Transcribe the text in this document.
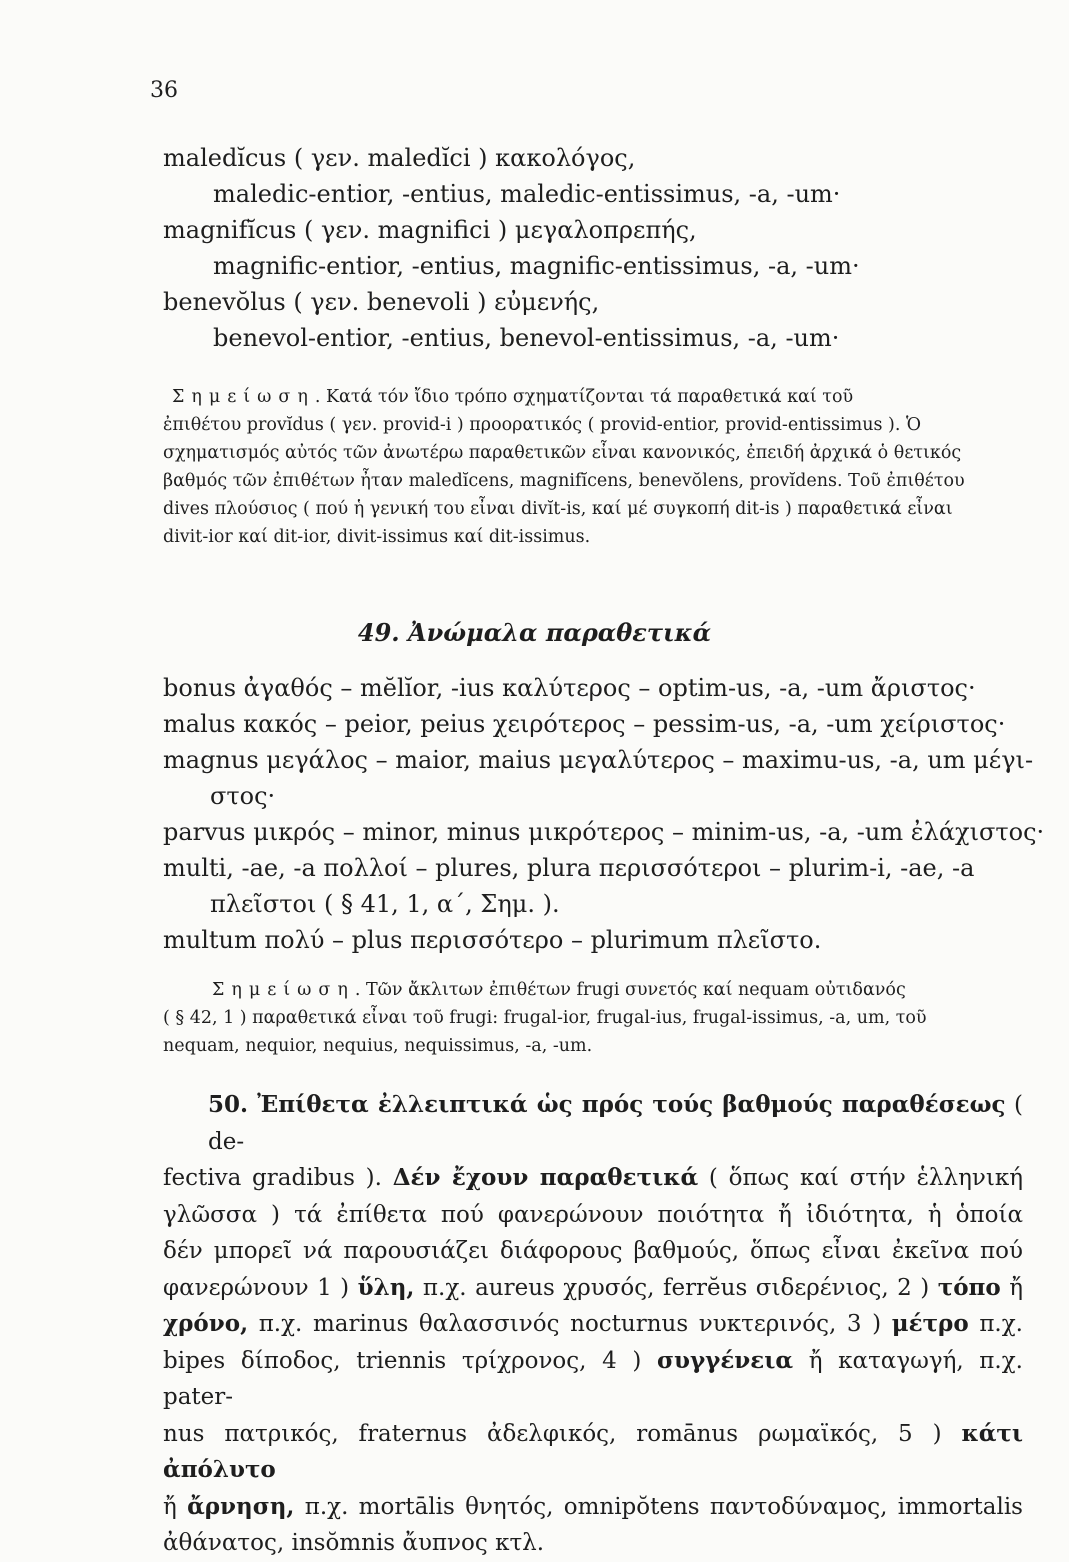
36
maledĭcus ( γεν. maledĭci ) κακολόγος,
maledic-entior, -entius, maledic-entissimus, -a, -um·
magnifĭcus ( γεν. magnifici ) μεγαλοπρεπής,
magnific-entior, -entius, magnific-entissimus, -a, -um·
benevŏlus ( γεν. benevoli ) εὐμενής,
benevol-entior, -entius, benevol-entissimus, -a, -um·
Σημείωση. Κατά τόν ἴδιο τρόπο σχηματίζονται τά παραθετικά καί τοῦ
ἐπιθέτου provĭdus ( γεν. provid-i ) προορατικός ( provid-entior, provid-entissimus ). Ὁ
σχηματισμός αὐτός τῶν ἀνωτέρω παραθετικῶν εἶναι κανονικός, ἐπειδή ἀρχικά ὁ θετικός
βαθμός τῶν ἐπιθέτων ἦταν maledĭcens, magnifĭcens, benevŏlens, provĭdens. Τοῦ ἐπιθέτου
dives πλούσιος ( πού ἡ γενική του εἶναι divĭt-is, καί μέ συγκοπή dit-is ) παραθετικά εἶναι
divit-ior καί dit-ior, divit-issimus καί dit-issimus.
49. Ἀνώμαλα παραθετικά
bonus ἀγαθός – mĕlĭor, -ius καλύτερος – optim-us, -a, -um ἄριστος·
malus κακός – peior, peius χειρότερος – pessim-us, -a, -um χείριστος·
magnus μεγάλος – maior, maius μεγαλύτερος – maximu-us, -a, um μέγι-
στος·
parvus μικρός – minor, minus μικρότερος – minim-us, -a, -um ἐλάχιστος·
multi, -ae, -a πολλοί – plures, plura περισσότεροι – plurim-i, -ae, -a
πλεῖστοι ( § 41, 1, α΄, Σημ. ).
multum πολύ – plus περισσότερο – plurimum πλεῖστο.
Σημείωση. Τῶν ἄκλιτων ἐπιθέτων frugi συνετός καί nequam οὐτιδανός
( § 42, 1 ) παραθετικά εἶναι τοῦ frugi: frugal-ior, frugal-ius, frugal-issimus, -a, um, τοῦ
nequam, nequior, nequius, nequissimus, -a, -um.
50. Ἐπίθετα ἐλλειπτικά ὡς πρός τούς βαθμούς παραθέσεως ( de-
fectiva gradibus ). Δέν ἔχουν παραθετικά ( ὅπως καί στήν ἑλληνική
γλῶσσα ) τά ἐπίθετα πού φανερώνουν ποιότητα ἤ ἰδιότητα, ἡ ὁποία
δέν μπορεῖ νά παρουσιάζει διάφορους βαθμούς, ὅπως εἶναι ἐκεῖνα πού
φανερώνουν 1 ) ὕλη, π.χ. aureus χρυσός, ferrĕus σιδερένιος, 2 ) τόπο ἤ
χρόνο, π.χ. marinus θαλασσινός nocturnus νυκτερινός, 3 ) μέτρο π.χ.
bipes δίποδος, triennis τρίχρονος, 4 ) συγγένεια ἤ καταγωγή, π.χ. pater-
nus πατρικός, fraternus ἀδελφικός, romānus ρωμαϊκός, 5 ) κάτι ἀπόλυτο
ἤ ἄρνηση, π.χ. mortālis θνητός, omnipŏtens παντοδύναμος, immortalis
ἀθάνατος, insŏmnis ἄυπνος κτλ.
